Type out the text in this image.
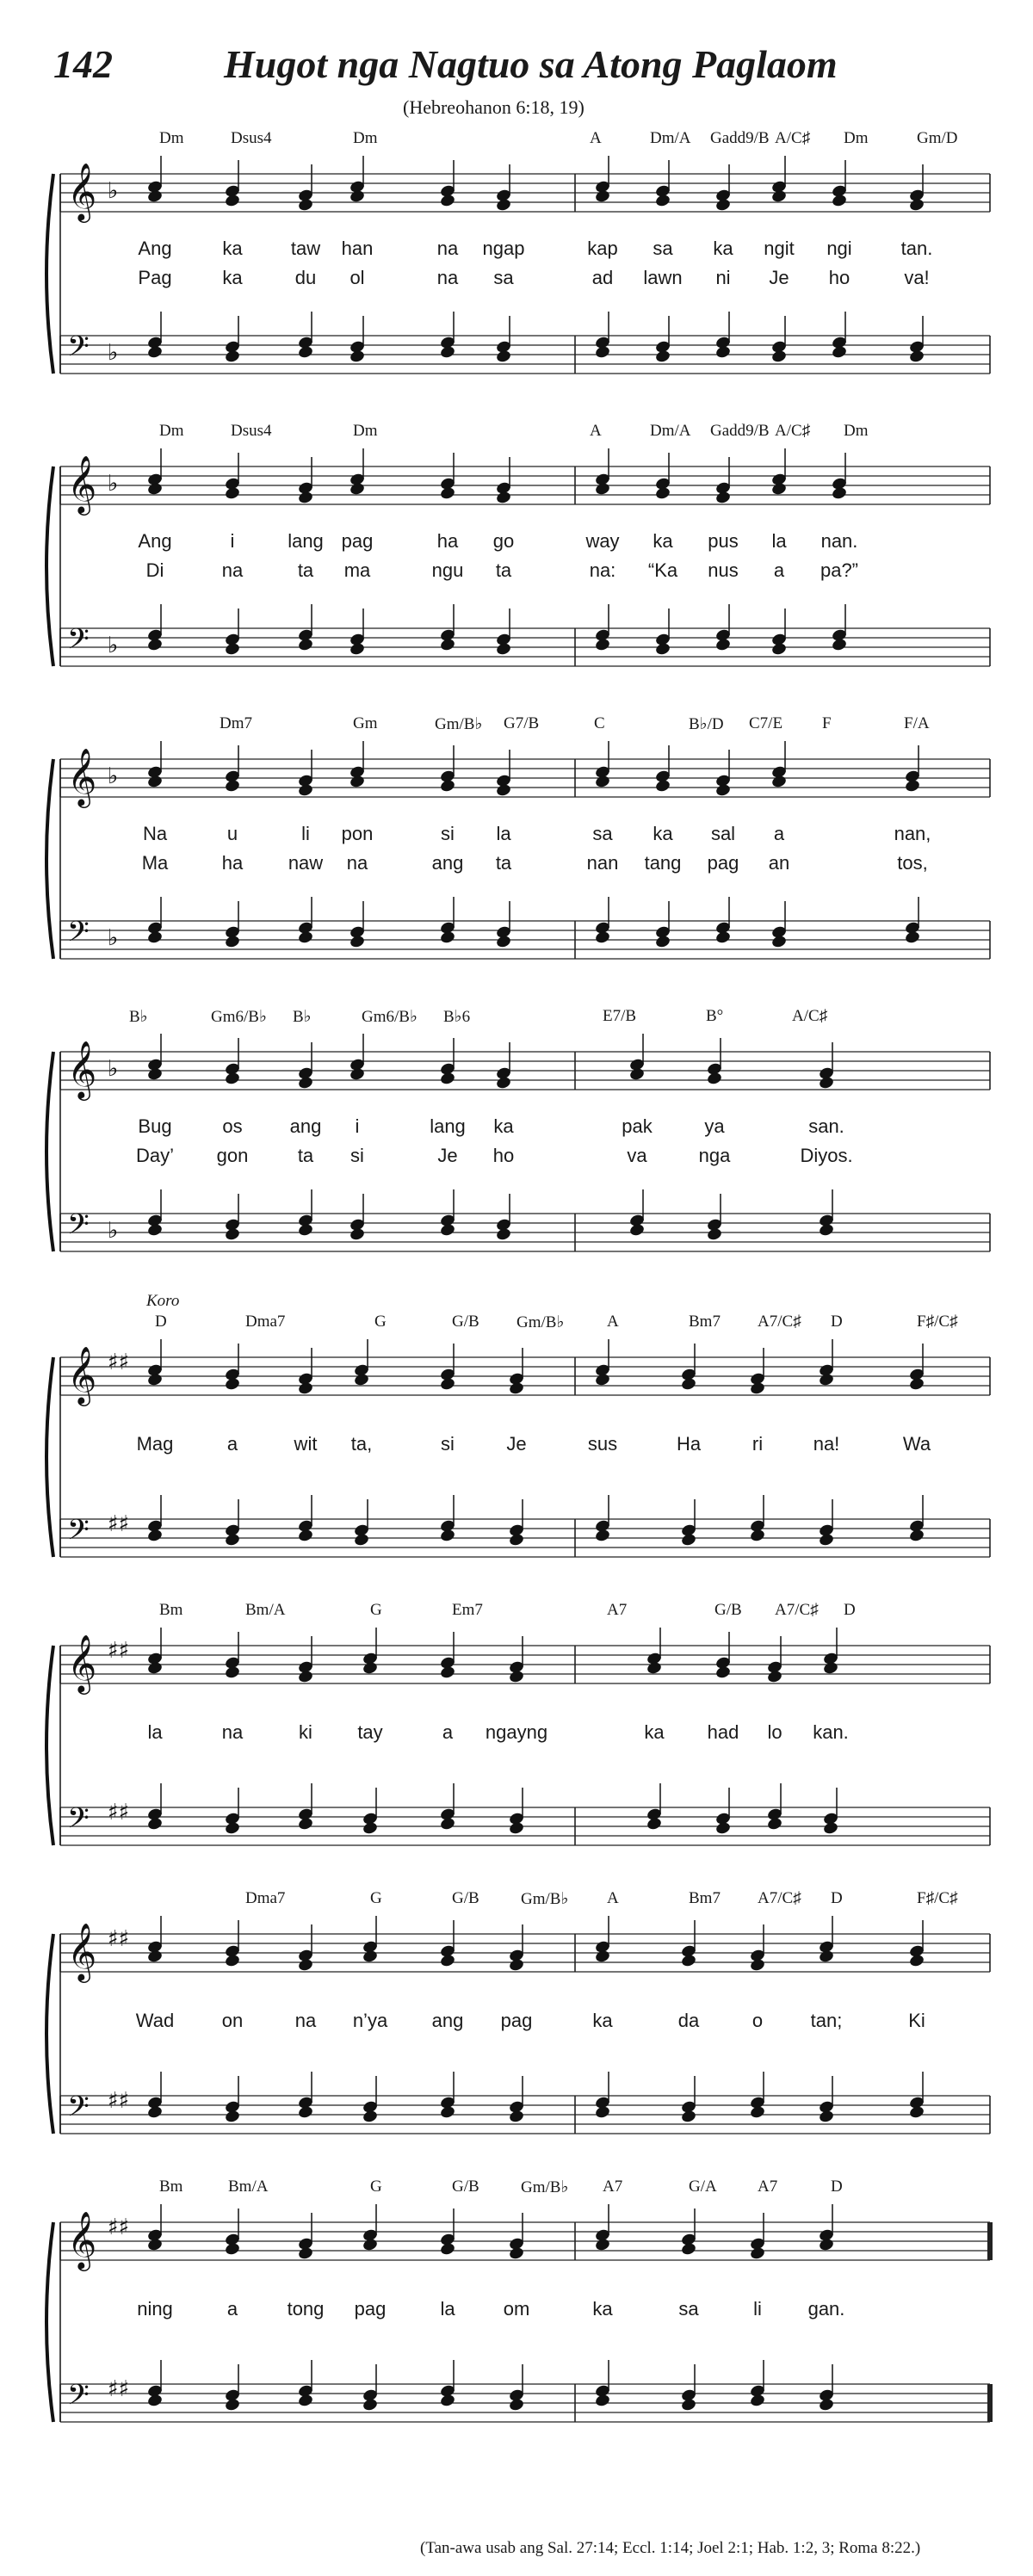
142	Hugot nga Nagtuo sa Atong Paglaom
(Hebreohanon 6:18, 19)
𝄞 ♭
𝄢 ♭
Dm	Dsus4	Dm	A	Dm/A Gadd9/B A/C♯ Dm	Gm/D
Ang	ka	taw han	na ngap	kap sa ka ngit ngi	tan.
Pag	ka	du ol	na sa	ad lawn ni Je ho	va!
𝄞 ♭
𝄢 ♭
Dm	Dsus4	Dm	A	Dm/A Gadd9/B A/C♯ Dm
Ang	i	lang pag	ha go	way ka pus la nan.
Di	na	ta ma	ngu ta	na: “Ka nus a pa?”
𝄞 ♭
𝄢 ♭
Dm7	Gm	Gm/B♭ G7/B	C	B♭/D C7/E F	F/A
Na	u	li pon	si la	sa ka sal a	nan,
Ma	ha naw na	ang ta	nan tang pag an	tos,
𝄞 ♭
𝄢 ♭
B♭	Gm6/B♭ B♭	Gm6/B♭ B♭6	E7/B	B°	A/C♯
Bug	os	ang i	lang ka	pak	ya	san.
Day’ gon	ta si	Je ho	va	nga	Diyos.
𝄞 ♯♯
𝄢 ♯♯
Koro
D	Dma7	G	G/B Gm/B♭	A	Bm7 A7/C♯ D	F♯/C♯
Mag	a	wit ta,	si	Je	sus	Ha	ri	na!	Wa
𝄞 ♯♯
𝄢 ♯♯
Bm	Bm/A	G	Em7	A7	G/B A7/C♯ D
la	na	ki tay	a ngayng	ka had lo kan.
𝄞 ♯♯
𝄢 ♯♯
Dma7	G	G/B	Gm/B♭ A	Bm7 A7/C♯ D	F♯/C♯
Wad	on	na n’ya ang pag	ka	da	o	tan;	Ki
𝄞 ♯♯
𝄢 ♯♯
Bm	Bm/A	G	G/B	Gm/B♭ A7	G/A A7	D
ning	a	tong pag	la	om	ka	sa	li gan.
(Tan-awa usab ang Sal. 27:14; Eccl. 1:14; Joel 2:1; Hab. 1:2, 3; Roma 8:22.)
